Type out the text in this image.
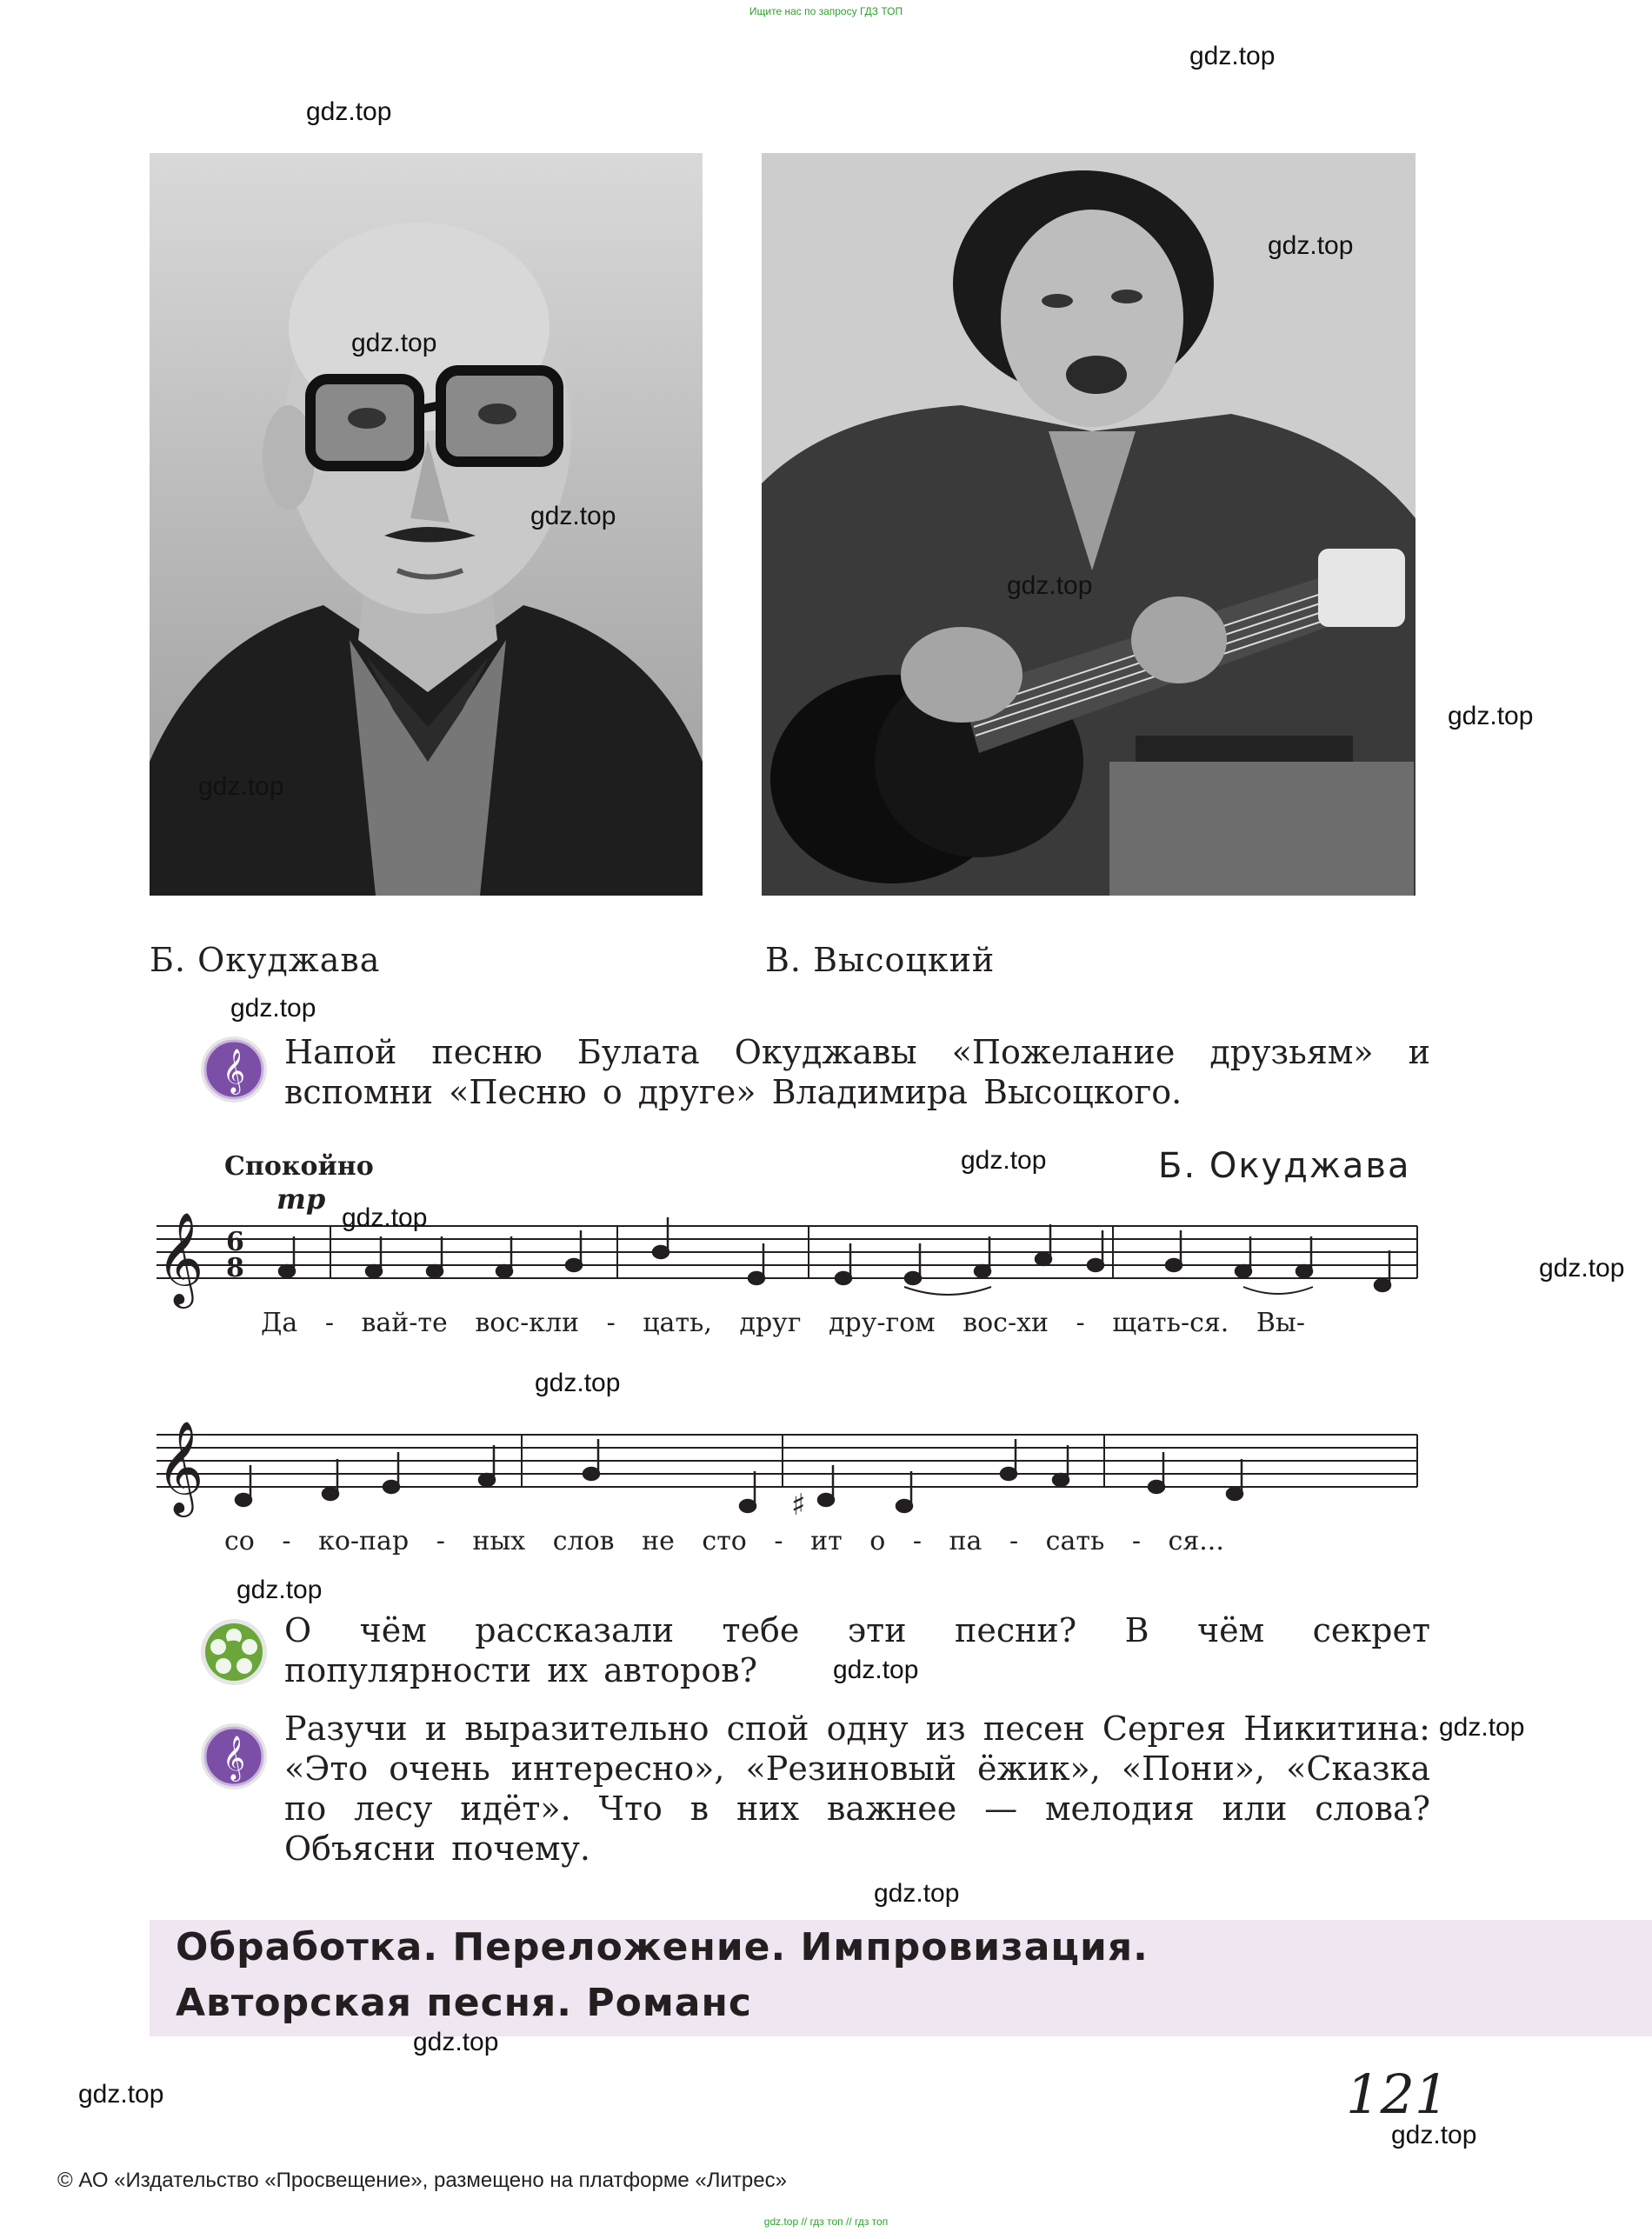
Ищите нас по запросу ГДЗ ТОП
Б. Окуджава	В. Высоцкий
𝄞 Напой песню Булата Окуджавы «Пожелание друзьям» и вспомни «Песню о друге» Владимира Высоцкого.
Спокойно
mp
Б. Окуджава
𝄞 6
8
Да - вай-те вос-кли - цать, друг дру-гом вос-хи - щать-ся. Вы-
𝄞	♯
со - ко-пар - ных слов не сто - ит о - па - сать - ся...
?
О чём рассказали тебе эти песни? В чём секрет популярности их авторов?
𝄞
Разучи и выразительно спой одну из песен Сергея Никитина: «Это очень интересно», «Резиновый ёжик», «Пони», «Сказка по лесу идёт». Что в них важнее — мелодия или слова? Объясни почему.
Обработка. Переложение. Импровизация.
Авторская песня. Романс
121
© АО «Издательство «Просвещение», размещено на платформе «Литрес»
gdz.top // гдз топ // гдз топ
gdz.top
gdz.top
gdz.top
gdz.top
gdz.top
gdz.top
gdz.top
gdz.top
gdz.top
gdz.top
gdz.top
gdz.top
gdz.top
gdz.top
gdz.top
gdz.top
gdz.top
gdz.top
gdz.top
gdz.top
